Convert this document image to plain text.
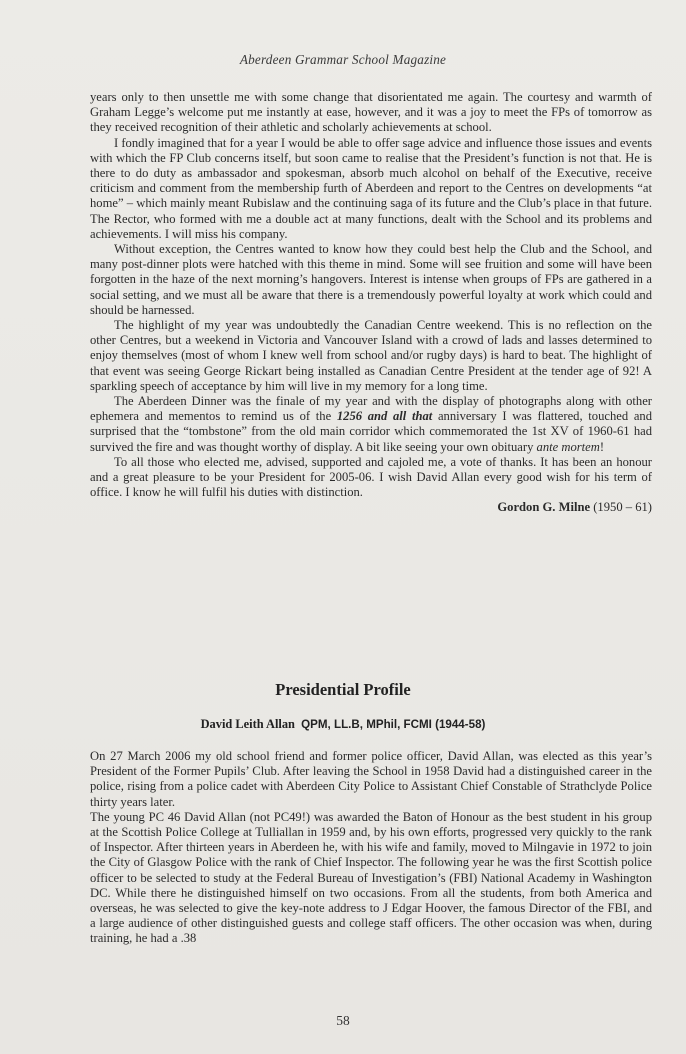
Aberdeen Grammar School Magazine

years only to then unsettle me with some change that disorientated me again. The courtesy and warmth of Graham Legge’s welcome put me instantly at ease, however, and it was a joy to meet the FPs of tomorrow as they received recognition of their athletic and scholarly achievements at school.

I fondly imagined that for a year I would be able to offer sage advice and influence those issues and events with which the FP Club concerns itself, but soon came to realise that the President’s function is not that. He is there to do duty as ambassador and spokesman, absorb much alcohol on behalf of the Executive, receive criticism and comment from the membership furth of Aberdeen and report to the Centres on developments “at home” – which mainly meant Rubislaw and the continuing saga of its future and the Club’s place in that future. The Rector, who formed with me a double act at many functions, dealt with the School and its problems and achievements. I will miss his company.

Without exception, the Centres wanted to know how they could best help the Club and the School, and many post-dinner plots were hatched with this theme in mind. Some will see fruition and some will have been forgotten in the haze of the next morning’s hangovers. Interest is intense when groups of FPs are gathered in a social setting, and we must all be aware that there is a tremendously powerful loyalty at work which could and should be harnessed.

The highlight of my year was undoubtedly the Canadian Centre weekend. This is no reflection on the other Centres, but a weekend in Victoria and Vancouver Island with a crowd of lads and lasses determined to enjoy themselves (most of whom I knew well from school and/or rugby days) is hard to beat. The highlight of that event was seeing George Rickart being installed as Canadian Centre President at the tender age of 92! A sparkling speech of acceptance by him will live in my memory for a long time.

The Aberdeen Dinner was the finale of my year and with the display of photographs along with other ephemera and mementos to remind us of the 1256 and all that anniversary I was flattered, touched and surprised that the “tombstone” from the old main corridor which commemorated the 1st XV of 1960-61 had survived the fire and was thought worthy of display. A bit like seeing your own obituary ante mortem!

To all those who elected me, advised, supported and cajoled me, a vote of thanks. It has been an honour and a great pleasure to be your President for 2005-06. I wish David Allan every good wish for his term of office. I know he will fulfil his duties with distinction.

Gordon G. Milne (1950 – 61)

Presidential Profile
David Leith Allan QPM, LL.B, MPhil, FCMI (1944-58)

On 27 March 2006 my old school friend and former police officer, David Allan, was elected as this year’s President of the Former Pupils’ Club. After leaving the School in 1958 David had a distinguished career in the police, rising from a police cadet with Aberdeen City Police to Assistant Chief Constable of Strathclyde Police thirty years later.

The young PC 46 David Allan (not PC49!) was awarded the Baton of Honour as the best student in his group at the Scottish Police College at Tulliallan in 1959 and, by his own efforts, progressed very quickly to the rank of Inspector. After thirteen years in Aberdeen he, with his wife and family, moved to Milngavie in 1972 to join the City of Glasgow Police with the rank of Chief Inspector. The following year he was the first Scottish police officer to be selected to study at the Federal Bureau of Investigation’s (FBI) National Academy in Washington DC. While there he distinguished himself on two occasions. From all the students, from both America and overseas, he was selected to give the key-note address to J Edgar Hoover, the famous Director of the FBI, and a large audience of other distinguished guests and college staff officers. The other occasion was when, during training, he had a .38

58
